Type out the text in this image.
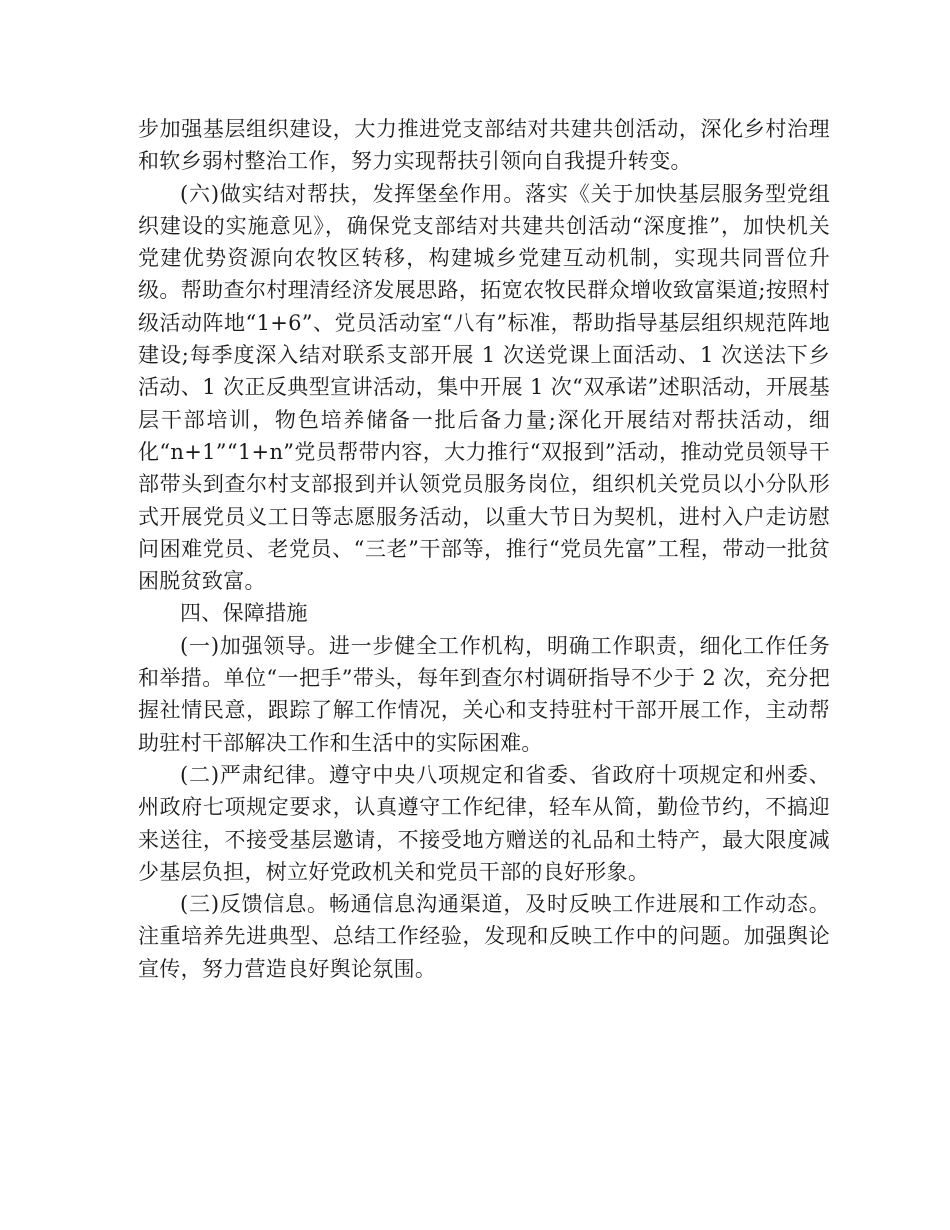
步加强基层组织建设，大力推进党支部结对共建共创活动，深化乡村治理和软乡弱村整治工作，努力实现帮扶引领向自我提升转变。

(六)做实结对帮扶，发挥堡垒作用。落实《关于加快基层服务型党组织建设的实施意见》，确保党支部结对共建共创活动“深度推”，加快机关党建优势资源向农牧区转移，构建城乡党建互动机制，实现共同晋位升级。帮助查尔村理清经济发展思路，拓宽农牧民群众增收致富渠道;按照村级活动阵地“1+6”、党员活动室“八有”标准，帮助指导基层组织规范阵地建设;每季度深入结对联系支部开展 1 次送党课上面活动、1 次送法下乡活动、1 次正反典型宣讲活动，集中开展 1 次“双承诺”述职活动，开展基层干部培训，物色培养储备一批后备力量;深化开展结对帮扶活动，细化“n+1”“1+n”党员帮带内容，大力推行“双报到”活动，推动党员领导干部带头到查尔村支部报到并认领党员服务岗位，组织机关党员以小分队形式开展党员义工日等志愿服务活动，以重大节日为契机，进村入户走访慰问困难党员、老党员、“三老”干部等，推行“党员先富”工程，带动一批贫困脱贫致富。

四、保障措施

(一)加强领导。进一步健全工作机构，明确工作职责，细化工作任务和举措。单位“一把手”带头，每年到查尔村调研指导不少于 2 次，充分把握社情民意，跟踪了解工作情况，关心和支持驻村干部开展工作，主动帮助驻村干部解决工作和生活中的实际困难。

(二)严肃纪律。遵守中央八项规定和省委、省政府十项规定和州委、州政府七项规定要求，认真遵守工作纪律，轻车从简，勤俭节约，不搞迎来送往，不接受基层邀请，不接受地方赠送的礼品和土特产，最大限度减少基层负担，树立好党政机关和党员干部的良好形象。

(三)反馈信息。畅通信息沟通渠道，及时反映工作进展和工作动态。注重培养先进典型、总结工作经验，发现和反映工作中的问题。加强舆论宣传，努力营造良好舆论氛围。
